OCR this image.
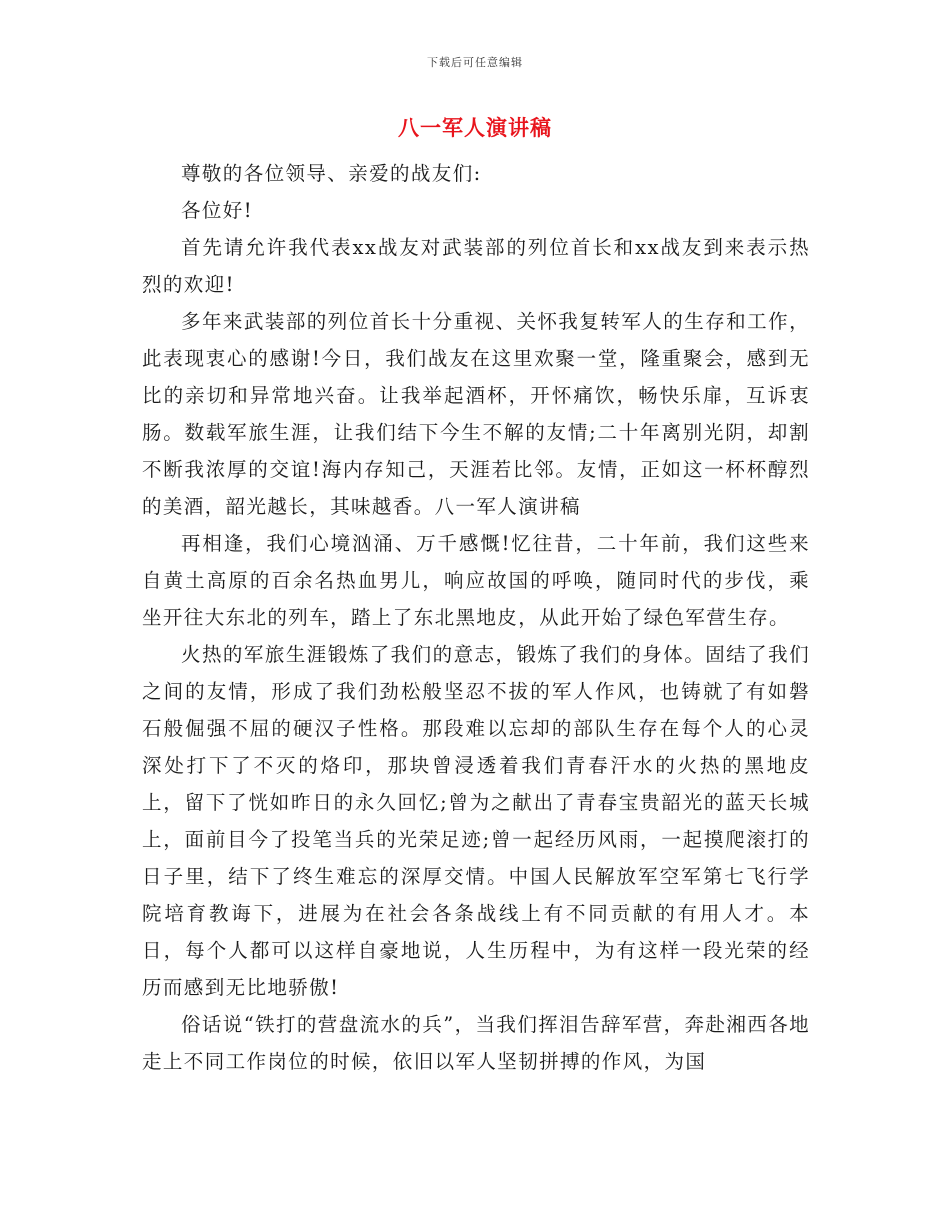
下载后可任意编辑
八一军人演讲稿

尊敬的各位领导、亲爱的战友们:

各位好!

首先请允许我代表xx战友对武装部的列位首长和xx战友到来表示热烈的欢迎!

多年来武装部的列位首长十分重视、关怀我复转军人的生存和工作，此表现衷心的感谢!今日，我们战友在这里欢聚一堂，隆重聚会，感到无比的亲切和异常地兴奋。让我举起酒杯，开怀痛饮，畅快乐扉，互诉衷肠。数载军旅生涯，让我们结下今生不解的友情;二十年离别光阴，却割不断我浓厚的交谊!海内存知己，天涯若比邻。友情，正如这一杯杯醇烈的美酒，韶光越长，其味越香。八一军人演讲稿

再相逢，我们心境汹涌、万千感慨!忆往昔，二十年前，我们这些来自黄土高原的百余名热血男儿，响应故国的呼唤，随同时代的步伐，乘坐开往大东北的列车，踏上了东北黑地皮，从此开始了绿色军营生存。

火热的军旅生涯锻炼了我们的意志，锻炼了我们的身体。固结了我们之间的友情，形成了我们劲松般坚忍不拔的军人作风，也铸就了有如磐石般倔强不屈的硬汉子性格。那段难以忘却的部队生存在每个人的心灵深处打下了不灭的烙印，那块曾浸透着我们青春汗水的火热的黑地皮上，留下了恍如昨日的永久回忆;曾为之献出了青春宝贵韶光的蓝天长城上，面前目今了投笔当兵的光荣足迹;曾一起经历风雨，一起摸爬滚打的日子里，结下了终生难忘的深厚交情。中国人民解放军空军第七飞行学院培育教诲下，进展为在社会各条战线上有不同贡献的有用人才。本日，每个人都可以这样自豪地说，人生历程中，为有这样一段光荣的经历而感到无比地骄傲!

俗话说“铁打的营盘流水的兵”，当我们挥泪告辞军营，奔赴湘西各地走上不同工作岗位的时候，依旧以军人坚韧拼搏的作风，为国
